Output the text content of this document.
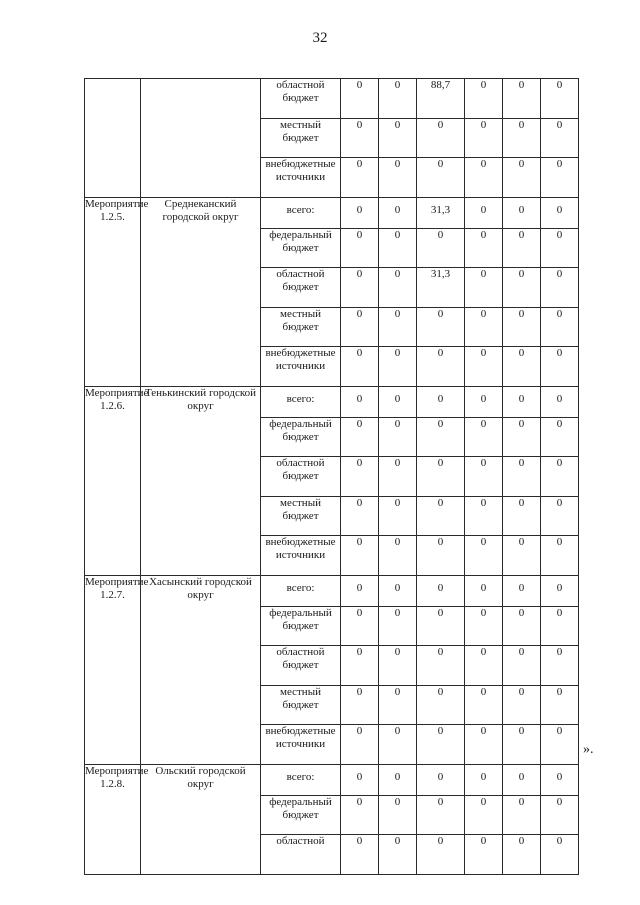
32
		областной бюджет	0	0	88,7	0	0	0
		местный бюджет	0	0	0	0	0	0
		внебюджетные источники	0	0	0	0	0	0
Мероприятие 1.2.5.	Среднеканский городской округ	всего:	0	0	31,3	0	0	0
		федеральный бюджет	0	0	0	0	0	0
		областной бюджет	0	0	31,3	0	0	0
		местный бюджет	0	0	0	0	0	0
		внебюджетные источники	0	0	0	0	0	0
Мероприятие 1.2.6.	Тенькинский городской округ	всего:	0	0	0	0	0	0
		федеральный бюджет	0	0	0	0	0	0
		областной бюджет	0	0	0	0	0	0
		местный бюджет	0	0	0	0	0	0
		внебюджетные источники	0	0	0	0	0	0
Мероприятие 1.2.7.	Хасынский городской округ	всего:	0	0	0	0	0	0
		федеральный бюджет	0	0	0	0	0	0
		областной бюджет	0	0	0	0	0	0
		местный бюджет	0	0	0	0	0	0
		внебюджетные источники	0	0	0	0	0	0
Мероприятие 1.2.8.	Ольский городской округ	всего:	0	0	0	0	0	0
		федеральный бюджет	0	0	0	0	0	0
		областной	0	0	0	0	0	0
».
